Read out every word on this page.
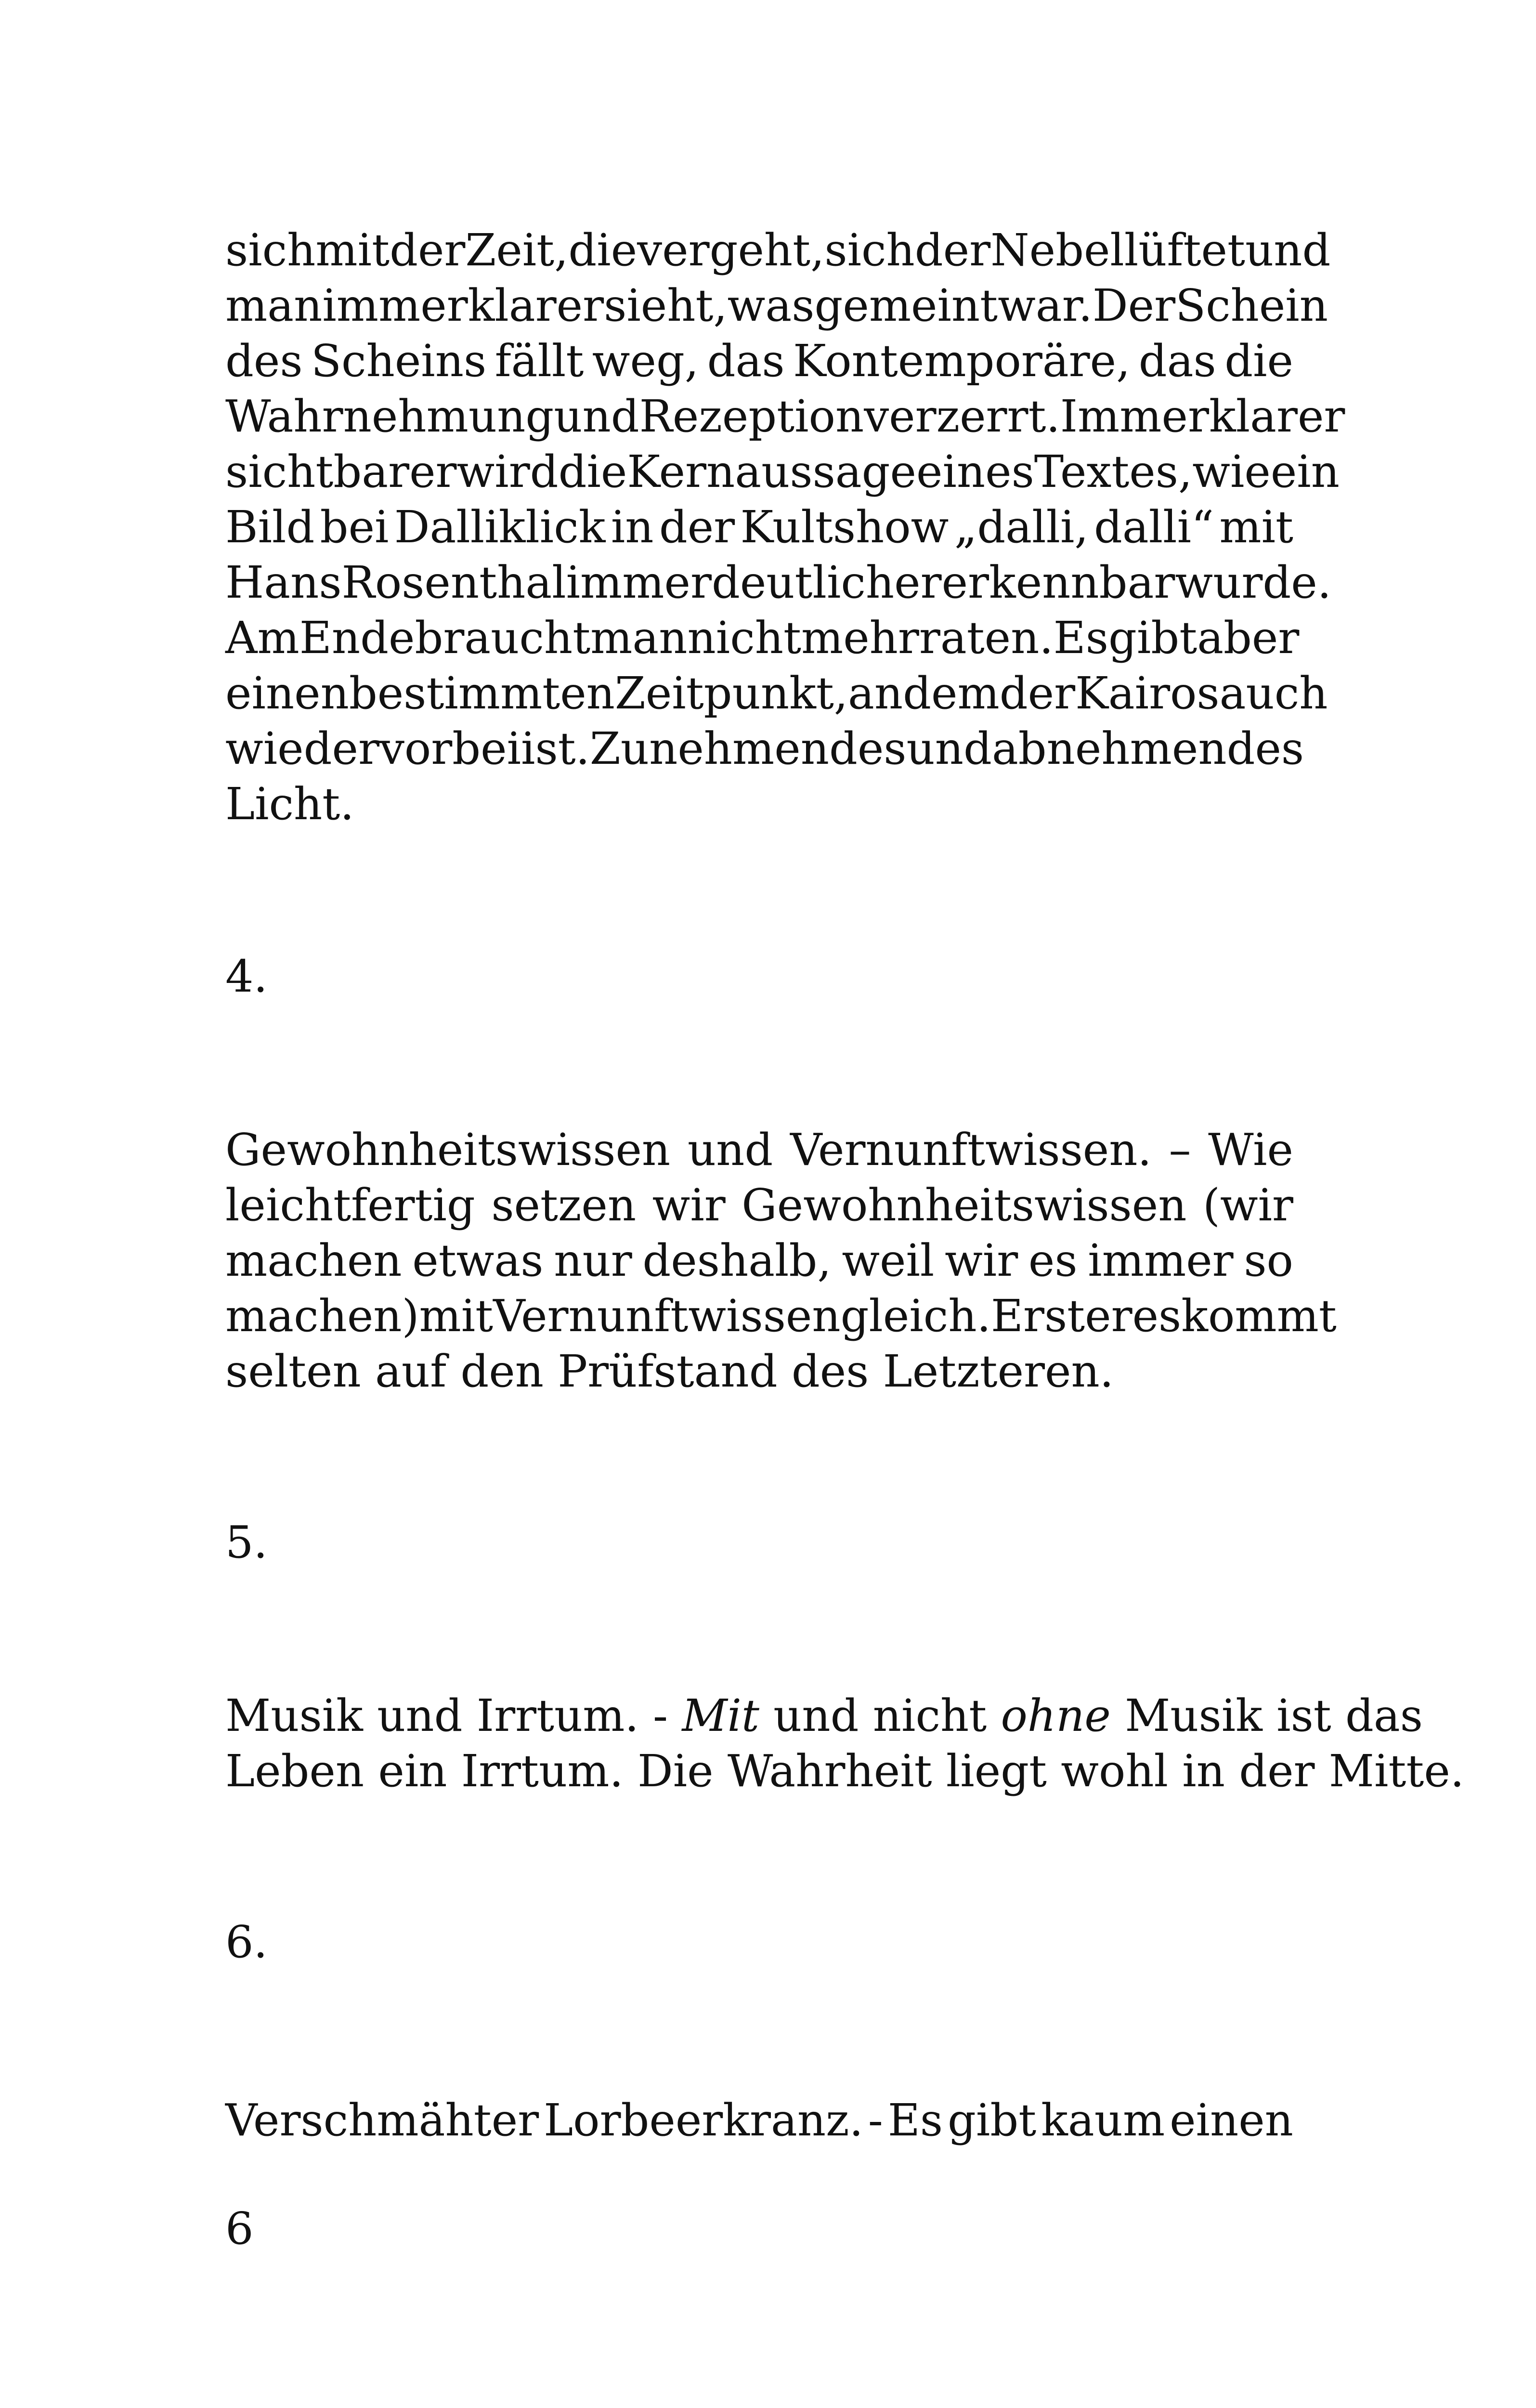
sich mit der Zeit, die vergeht, sich der Nebel lüftet und
man immer klarer sieht, was gemeint war. Der Schein
des Scheins fällt weg, das Kontemporäre, das die
Wahrnehmung und Rezeption verzerrt. Immer klarer
sichtbarer wird die Kernaussage eines Textes, wie ein
Bild bei Dalliklick in der Kultshow „dalli, dalli“ mit
Hans Rosenthal immer deutlicher erkennbar wurde.
Am Ende braucht man nicht mehr raten. Es gibt aber
einen bestimmten Zeitpunkt, an dem der Kairos auch
wieder vorbei ist. Zunehmendes und abnehmendes
Licht.
4.
Gewohnheitswissen und Vernunftwissen. – Wie
leichtfertig setzen wir Gewohnheitswissen (wir
machen etwas nur deshalb, weil wir es immer so
machen) mit Vernunftwissen gleich. Ersteres kommt
selten auf den Prüfstand des Letzteren.
5.
Musik und Irrtum. - Mit und nicht ohne Musik ist das
Leben ein Irrtum. Die Wahrheit liegt wohl in der Mitte.
6.
Verschmähter Lorbeerkranz. - Es gibt kaum einen
6
